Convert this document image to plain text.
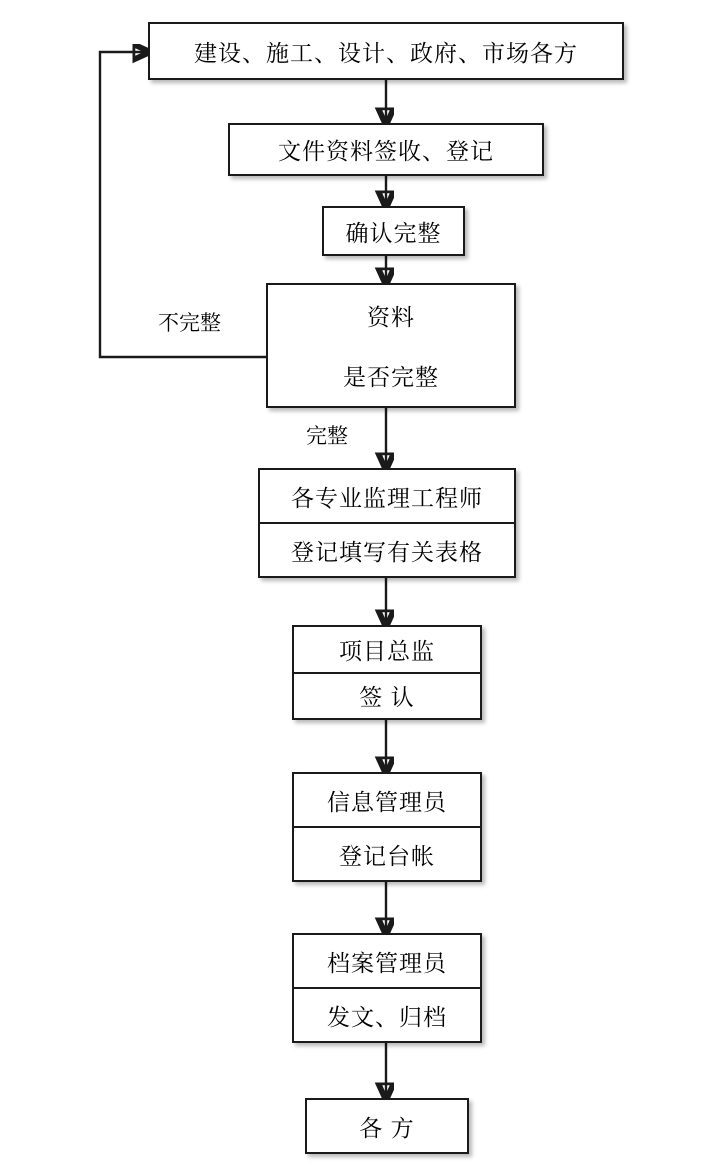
建设、施工、设计、政府、市场各方
文件资料签收、登记
确认完整
资料
是否完整
不完整
完整
各专业监理工程师
登记填写有关表格
项目总监
签 认
信息管理员
登记台帐
档案管理员
发文、归档
各 方
